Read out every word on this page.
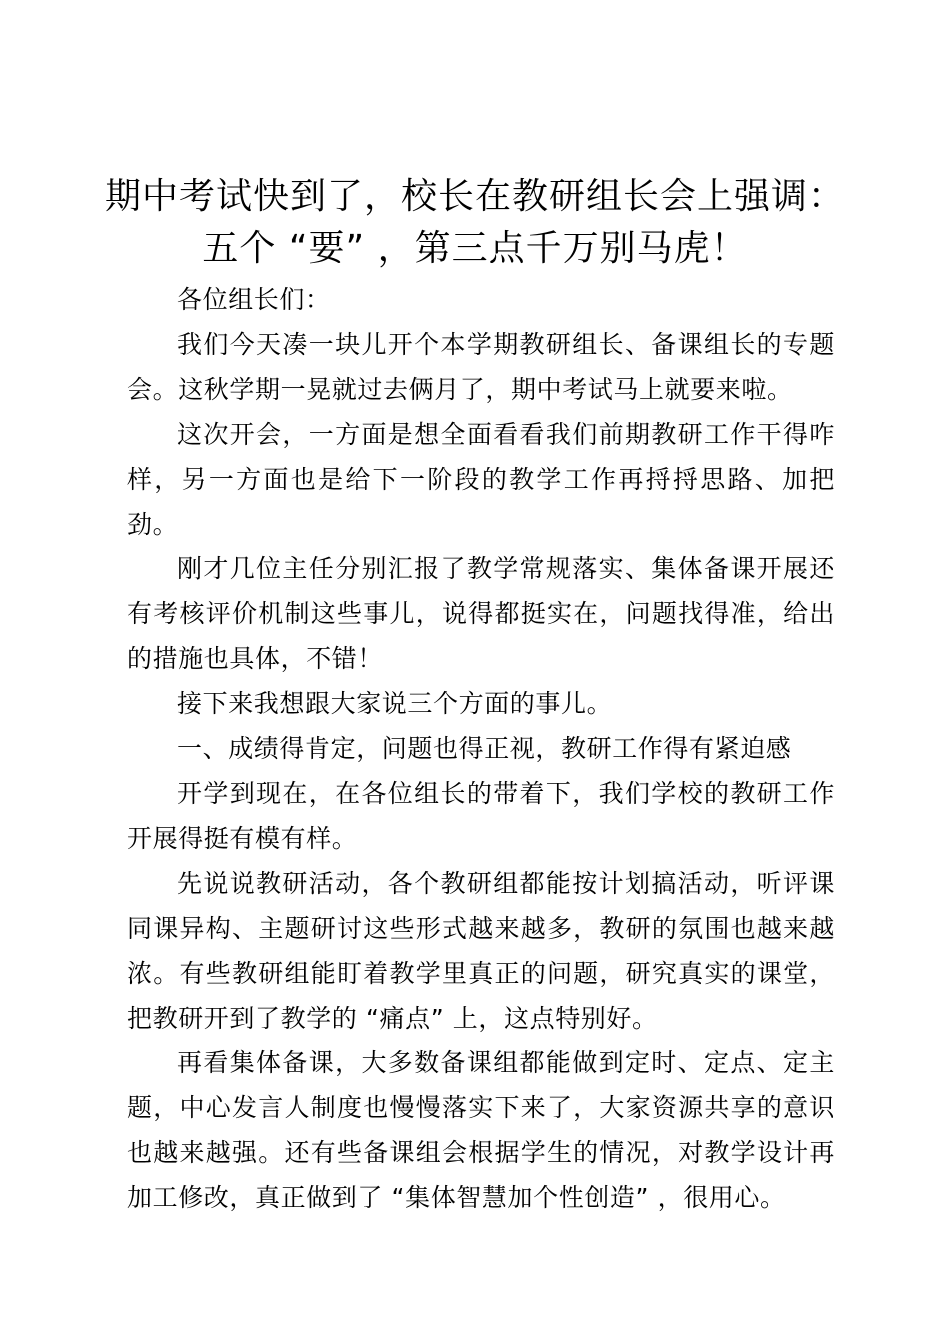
期中考试快到了，校长在教研组长会上强调：
五个 “要” ，第三点千万别马虎！

各位组长们：

我们今天凑一块儿开个本学期教研组长、备课组长的专题会。这秋学期一晃就过去俩月了，期中考试马上就要来啦。

这次开会，一方面是想全面看看我们前期教研工作干得咋样，另一方面也是给下一阶段的教学工作再捋捋思路、加把劲。

刚才几位主任分别汇报了教学常规落实、集体备课开展还有考核评价机制这些事儿，说得都挺实在，问题找得准，给出的措施也具体，不错！

接下来我想跟大家说三个方面的事儿。

一、成绩得肯定，问题也得正视，教研工作得有紧迫感

开学到现在，在各位组长的带着下，我们学校的教研工作开展得挺有模有样。

先说说教研活动，各个教研组都能按计划搞活动，听评课同课异构、主题研讨这些形式越来越多，教研的氛围也越来越浓。有些教研组能盯着教学里真正的问题，研究真实的课堂，把教研开到了教学的 “痛点” 上，这点特别好。

再看集体备课，大多数备课组都能做到定时、定点、定主题，中心发言人制度也慢慢落实下来了，大家资源共享的意识也越来越强。还有些备课组会根据学生的情况，对教学设计再加工修改，真正做到了 “集体智慧加个性创造” ，很用心。
